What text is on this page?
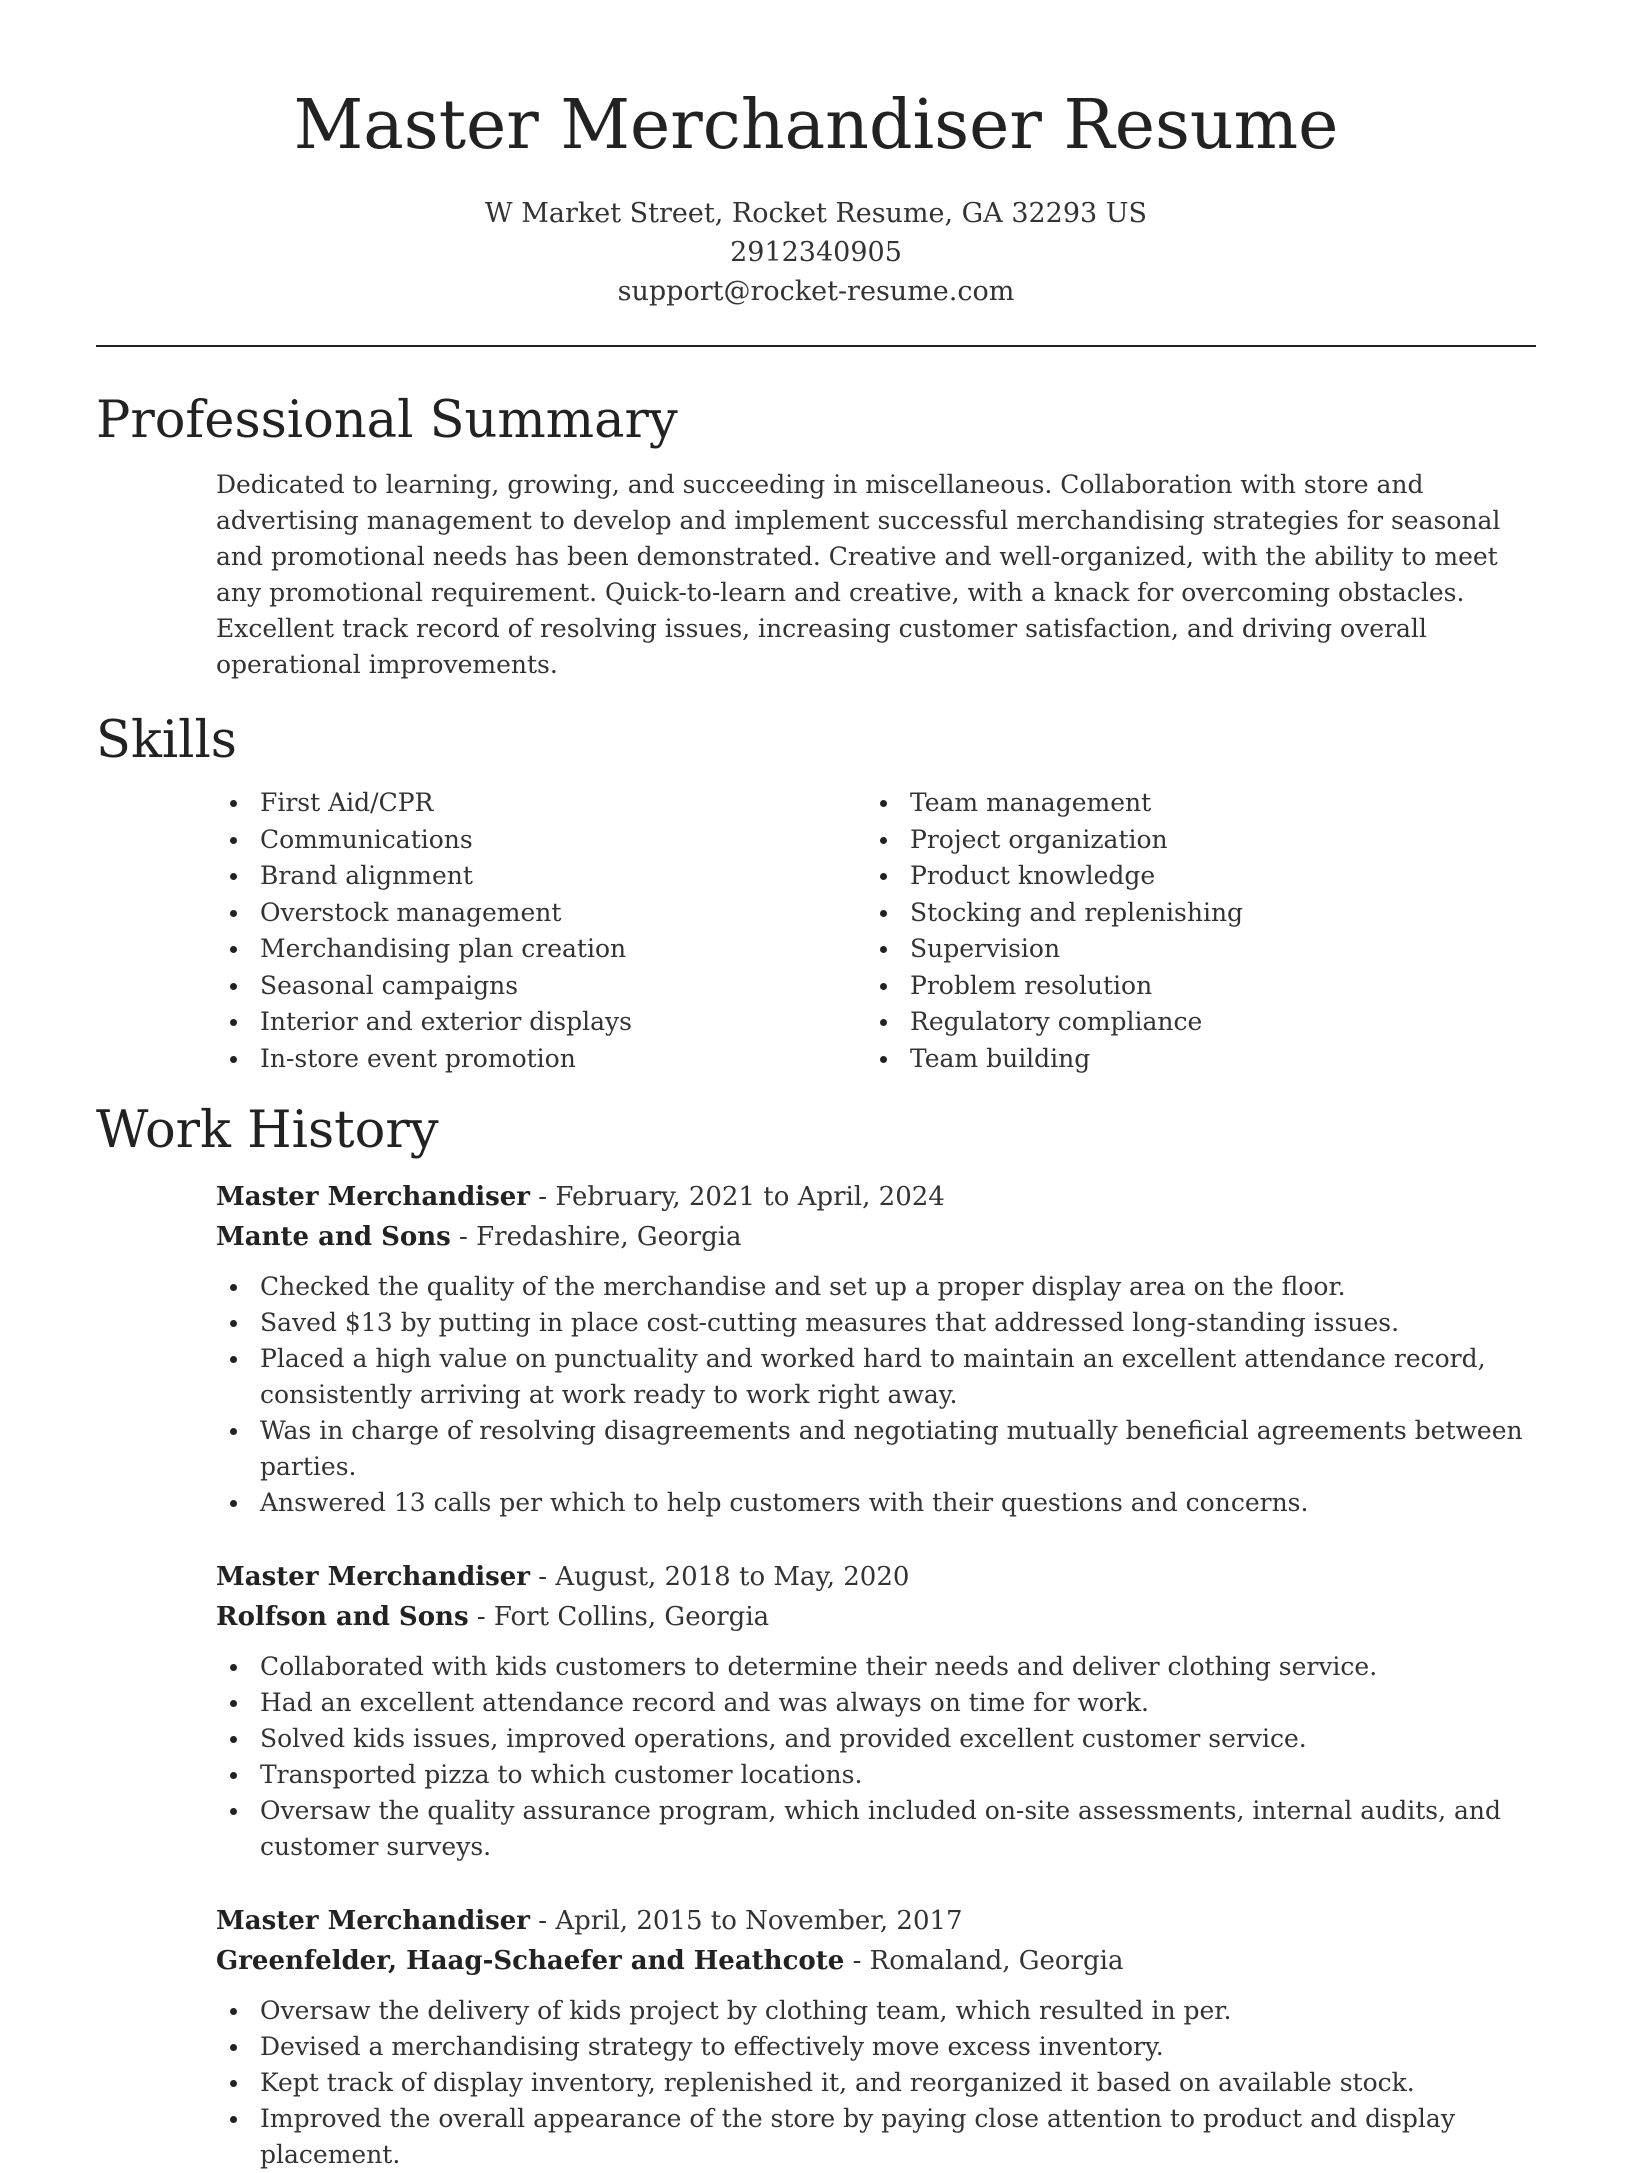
Master Merchandiser Resume
W Market Street, Rocket Resume, GA 32293 US
2912340905
support@rocket-resume.com
Professional Summary

Dedicated to learning, growing, and succeeding in miscellaneous. Collaboration with store and advertising management to develop and implement successful merchandising strategies for seasonal and promotional needs has been demonstrated. Creative and well-organized, with the ability to meet any promotional requirement. Quick-to-learn and creative, with a knack for overcoming obstacles. Excellent track record of resolving issues, increasing customer satisfaction, and driving overall operational improvements.

Skills
First Aid/CPR
Communications
Brand alignment
Overstock management
Merchandising plan creation
Seasonal campaigns
Interior and exterior displays
In-store event promotion
Team management
Project organization
Product knowledge
Stocking and replenishing
Supervision
Problem resolution
Regulatory compliance
Team building
Work History
Master Merchandiser - February, 2021 to April, 2024
Mante and Sons - Fredashire, Georgia
Checked the quality of the merchandise and set up a proper display area on the floor.
Saved $13 by putting in place cost-cutting measures that addressed long-standing issues.
Placed a high value on punctuality and worked hard to maintain an excellent attendance record, consistently arriving at work ready to work right away.
Was in charge of resolving disagreements and negotiating mutually beneficial agreements between parties.
Answered 13 calls per which to help customers with their questions and concerns.
Master Merchandiser - August, 2018 to May, 2020
Rolfson and Sons - Fort Collins, Georgia
Collaborated with kids customers to determine their needs and deliver clothing service.
Had an excellent attendance record and was always on time for work.
Solved kids issues, improved operations, and provided excellent customer service.
Transported pizza to which customer locations.
Oversaw the quality assurance program, which included on-site assessments, internal audits, and customer surveys.
Master Merchandiser - April, 2015 to November, 2017
Greenfelder, Haag-Schaefer and Heathcote - Romaland, Georgia
Oversaw the delivery of kids project by clothing team, which resulted in per.
Devised a merchandising strategy to effectively move excess inventory.
Kept track of display inventory, replenished it, and reorganized it based on available stock.
Improved the overall appearance of the store by paying close attention to product and display placement.
